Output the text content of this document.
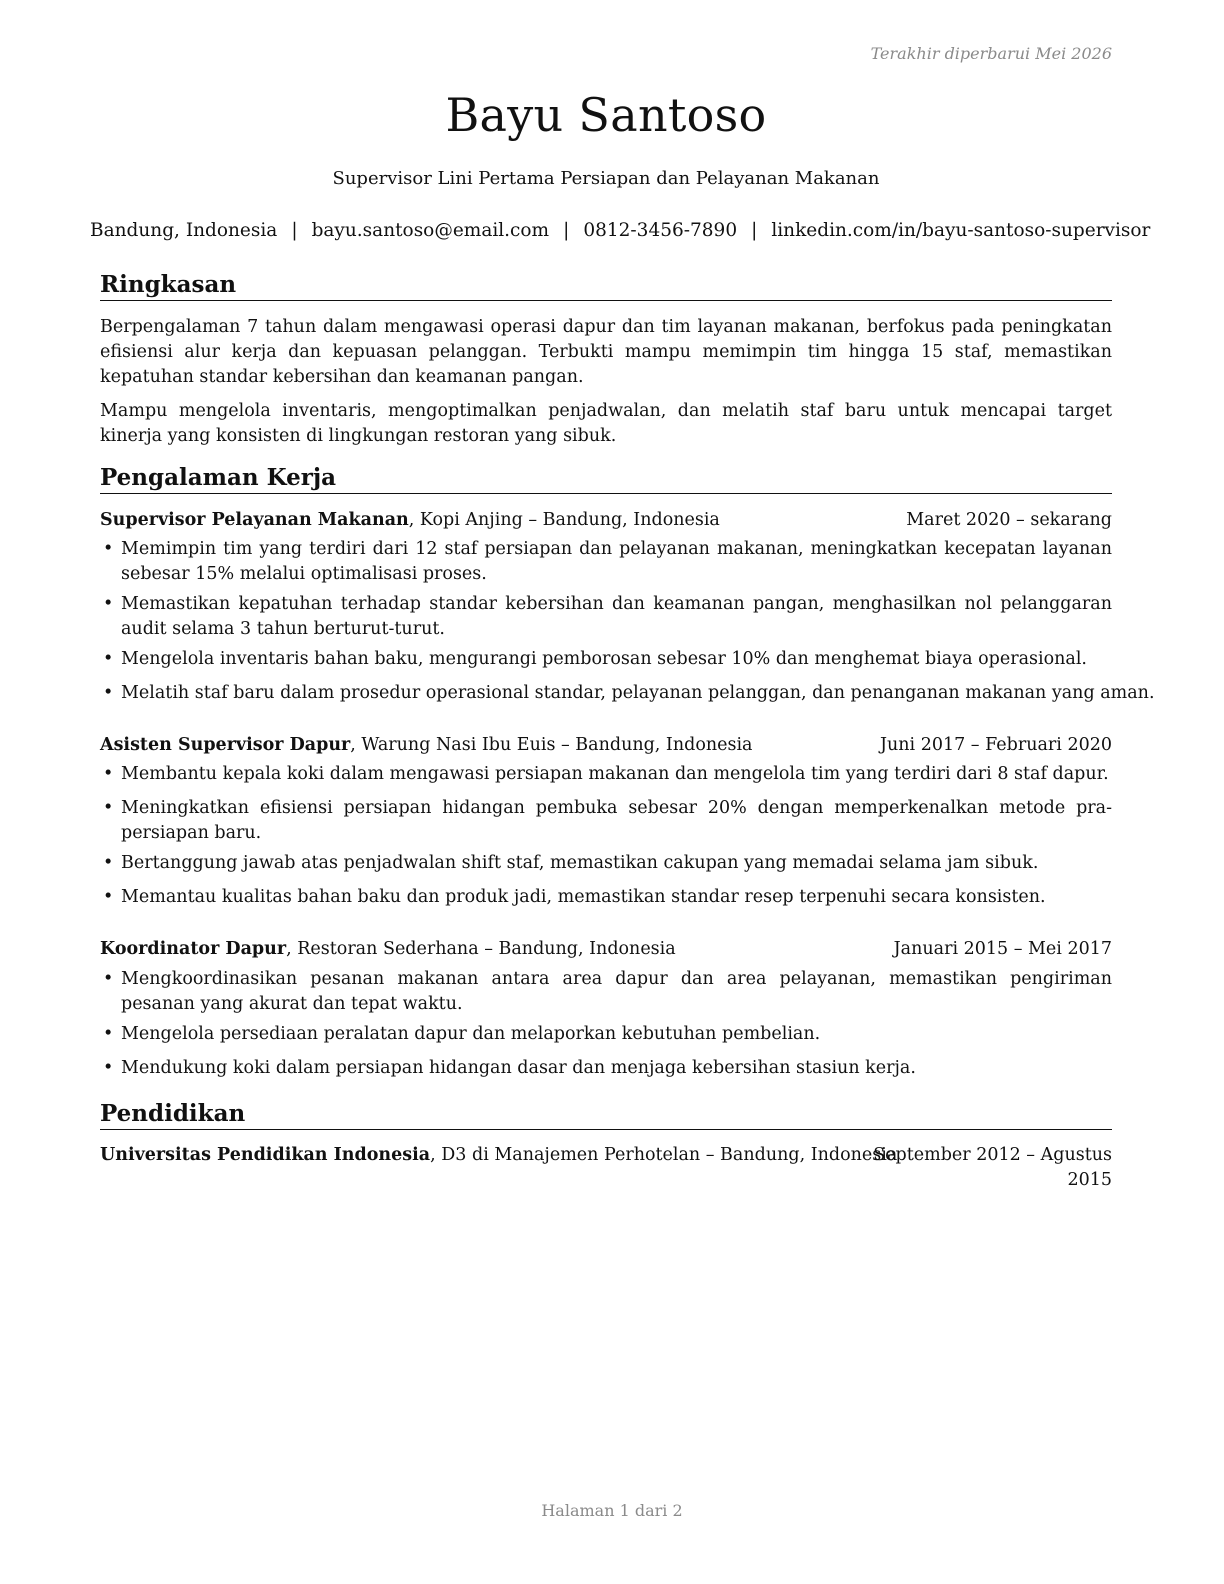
Terakhir diperbarui Mei 2026
Bayu Santoso
Supervisor Lini Pertama Persiapan dan Pelayanan Makanan
Bandung, Indonesia | bayu.santoso@email.com | 0812-3456-7890 | linkedin.com/in/bayu-santoso-supervisor
Ringkasan
Berpengalaman 7 tahun dalam mengawasi operasi dapur dan tim layanan makanan, berfokus pada peningkatan efisiensi alur kerja dan kepuasan pelanggan. Terbukti mampu memimpin tim hingga 15 staf, memastikan kepatuhan standar kebersihan dan keamanan pangan.
Mampu mengelola inventaris, mengoptimalkan penjadwalan, dan melatih staf baru untuk mencapai target kinerja yang konsisten di lingkungan restoran yang sibuk.
Pengalaman Kerja
Supervisor Pelayanan Makanan, Kopi Anjing – Bandung, Indonesia	Maret 2020 – sekarang
• Memimpin tim yang terdiri dari 12 staf persiapan dan pelayanan makanan, meningkatkan kecepatan layanan sebesar 15% melalui optimalisasi proses.
• Memastikan kepatuhan terhadap standar kebersihan dan keamanan pangan, menghasilkan nol pelanggaran audit selama 3 tahun berturut-turut.
• Mengelola inventaris bahan baku, mengurangi pemborosan sebesar 10% dan menghemat biaya operasional.
• Melatih staf baru dalam prosedur operasional standar, pelayanan pelanggan, dan penanganan makanan yang aman.
Asisten Supervisor Dapur, Warung Nasi Ibu Euis – Bandung, Indonesia	Juni 2017 – Februari 2020
• Membantu kepala koki dalam mengawasi persiapan makanan dan mengelola tim yang terdiri dari 8 staf dapur.
• Meningkatkan efisiensi persiapan hidangan pembuka sebesar 20% dengan memperkenalkan metode pra-persiapan baru.
• Bertanggung jawab atas penjadwalan shift staf, memastikan cakupan yang memadai selama jam sibuk.
• Memantau kualitas bahan baku dan produk jadi, memastikan standar resep terpenuhi secara konsisten.
Koordinator Dapur, Restoran Sederhana – Bandung, Indonesia	Januari 2015 – Mei 2017
• Mengkoordinasikan pesanan makanan antara area dapur dan area pelayanan, memastikan pengiriman pesanan yang akurat dan tepat waktu.
• Mengelola persediaan peralatan dapur dan melaporkan kebutuhan pembelian.
• Mendukung koki dalam persiapan hidangan dasar dan menjaga kebersihan stasiun kerja.
Pendidikan
Universitas Pendidikan Indonesia, D3 di Manajemen Perhotelan – Bandung, Indonesia
September 2012 – Agustus 2015
Halaman 1 dari 2
